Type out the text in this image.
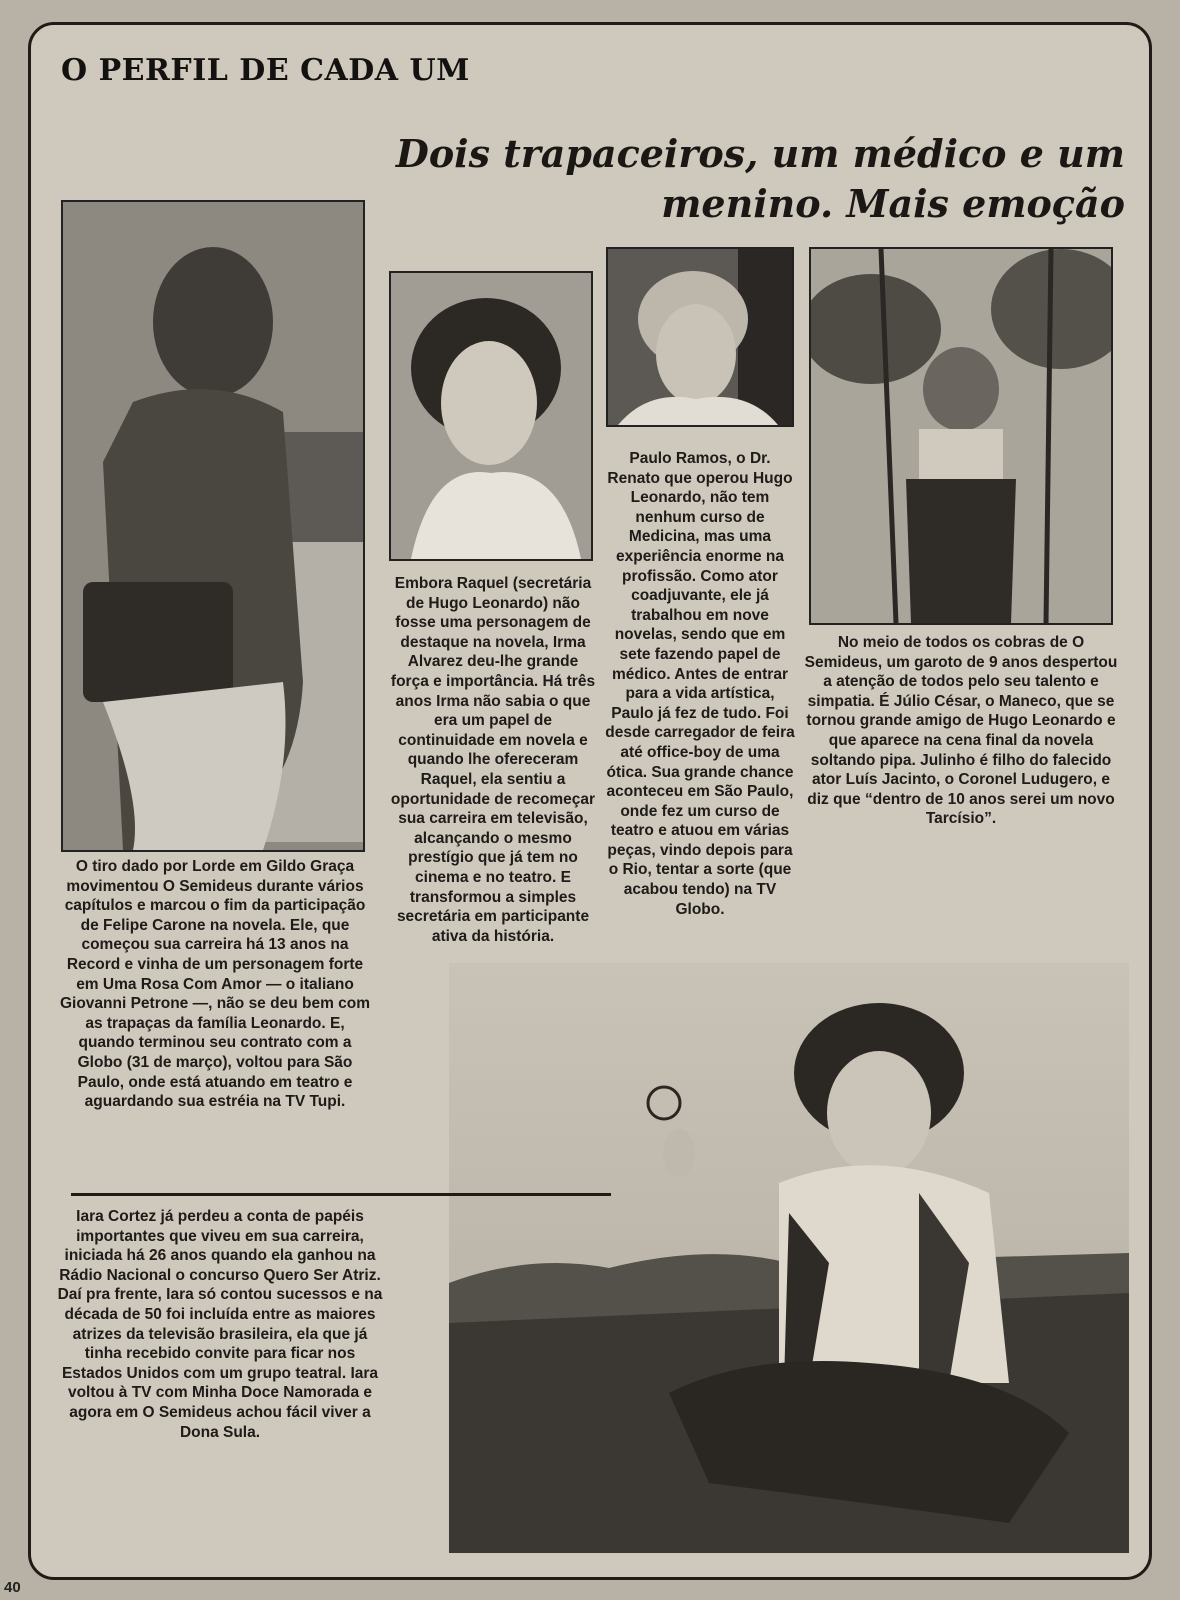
O PERFIL DE CADA UM
Dois trapaceiros, um médico e um menino. Mais emoção

O tiro dado por Lorde em Gildo Graça movimentou O Semideus durante vários capítulos e marcou o fim da participação de Felipe Carone na novela. Ele, que começou sua carreira há 13 anos na Record e vinha de um personagem forte em Uma Rosa Com Amor — o italiano Giovanni Petrone —, não se deu bem com as trapaças da família Leonardo. E, quando terminou seu contrato com a Globo (31 de março), voltou para São Paulo, onde está atuando em teatro e aguardando sua estréia na TV Tupi.

Embora Raquel (secretária de Hugo Leonardo) não fosse uma personagem de destaque na novela, Irma Alvarez deu-lhe grande força e importância. Há três anos Irma não sabia o que era um papel de continuidade em novela e quando lhe ofereceram Raquel, ela sentiu a oportunidade de recomeçar sua carreira em televisão, alcançando o mesmo prestígio que já tem no cinema e no teatro. E transformou a simples secretária em participante ativa da história.

Paulo Ramos, o Dr. Renato que operou Hugo Leonardo, não tem nenhum curso de Medicina, mas uma experiência enorme na profissão. Como ator coadjuvante, ele já trabalhou em nove novelas, sendo que em sete fazendo papel de médico. Antes de entrar para a vida artística, Paulo já fez de tudo. Foi desde carregador de feira até office-boy de uma ótica. Sua grande chance aconteceu em São Paulo, onde fez um curso de teatro e atuou em várias peças, vindo depois para o Rio, tentar a sorte (que acabou tendo) na TV Globo.

No meio de todos os cobras de O Semideus, um garoto de 9 anos despertou a atenção de todos pelo seu talento e simpatia. É Júlio César, o Maneco, que se tornou grande amigo de Hugo Leonardo e que aparece na cena final da novela soltando pipa. Julinho é filho do falecido ator Luís Jacinto, o Coronel Ludugero, e diz que “dentro de 10 anos serei um novo Tarcísio”.

Iara Cortez já perdeu a conta de papéis importantes que viveu em sua carreira, iniciada há 26 anos quando ela ganhou na Rádio Nacional o concurso Quero Ser Atriz. Daí pra frente, Iara só contou sucessos e na década de 50 foi incluída entre as maiores atrizes da televisão brasileira, ela que já tinha recebido convite para ficar nos Estados Unidos com um grupo teatral. Iara voltou à TV com Minha Doce Namorada e agora em O Semideus achou fácil viver a Dona Sula.

40
